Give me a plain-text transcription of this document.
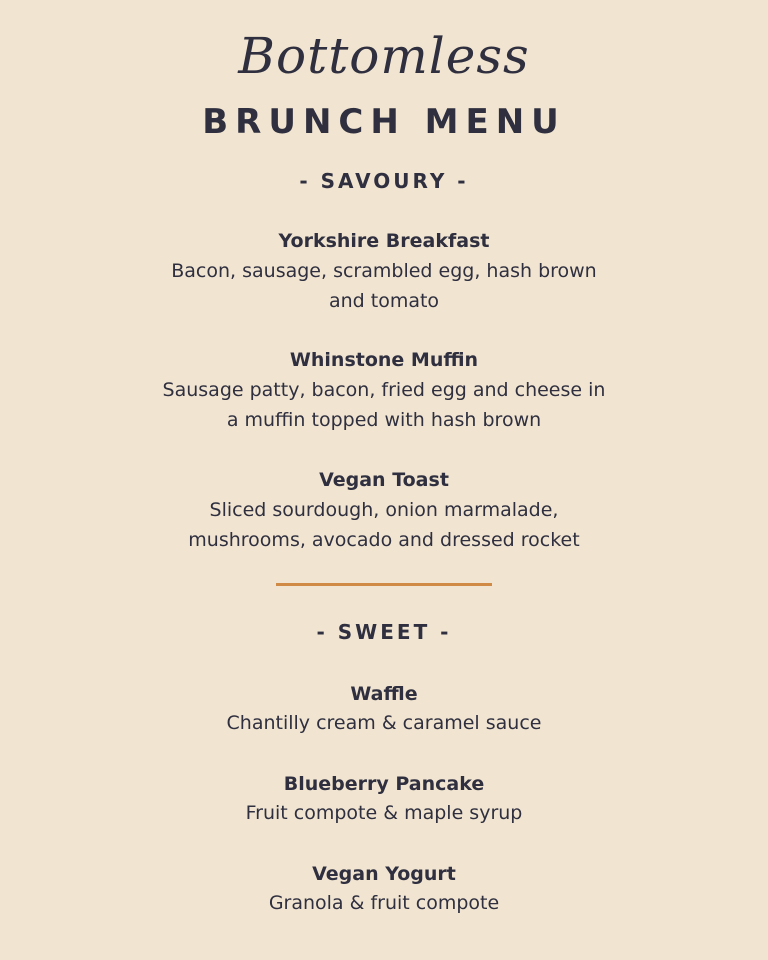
Bottomless
BRUNCH MENU
- SAVOURY -
Yorkshire Breakfast
Bacon, sausage, scrambled egg, hash brown
and tomato
Whinstone Muffin
Sausage patty, bacon, fried egg and cheese in
a muffin topped with hash brown
Vegan Toast
Sliced sourdough, onion marmalade,
mushrooms, avocado and dressed rocket
- SWEET -
Waffle
Chantilly cream & caramel sauce
Blueberry Pancake
Fruit compote & maple syrup
Vegan Yogurt
Granola & fruit compote
